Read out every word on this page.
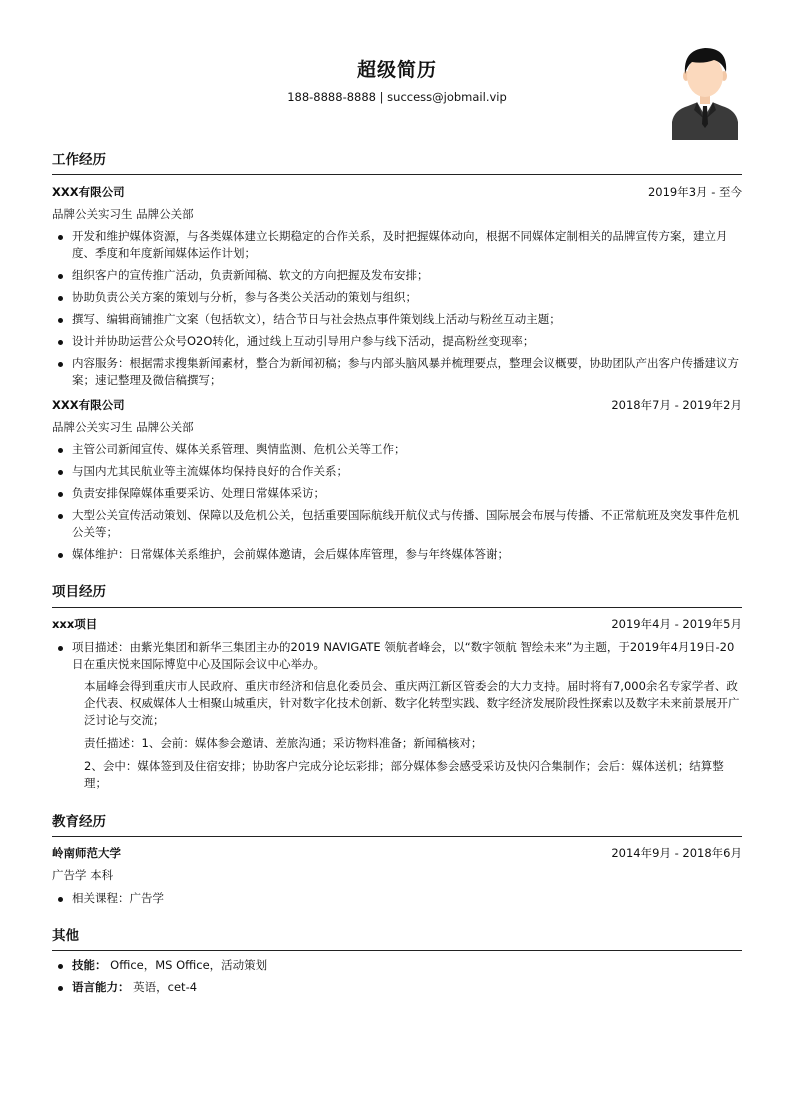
超级简历
188-8888-8888 | success@jobmail.vip
工作经历
XXX有限公司	2019年3月 - 至今
品牌公关实习生 品牌公关部
开发和维护媒体资源，与各类媒体建立长期稳定的合作关系，及时把握媒体动向，根据不同媒体定制相关的品牌宣传方案，建立月度、季度和年度新闻媒体运作计划；
组织客户的宣传推广活动，负责新闻稿、软文的方向把握及发布安排；
协助负责公关方案的策划与分析，参与各类公关活动的策划与组织；
撰写、编辑商铺推广文案（包括软文），结合节日与社会热点事件策划线上活动与粉丝互动主题；
设计并协助运营公众号O2O转化，通过线上互动引导用户参与线下活动，提高粉丝变现率；
内容服务：根据需求搜集新闻素材，整合为新闻初稿；参与内部头脑风暴并梳理要点，整理会议概要，协助团队产出客户传播建议方案；速记整理及微信稿撰写；
XXX有限公司	2018年7月 - 2019年2月
品牌公关实习生 品牌公关部
主管公司新闻宣传、媒体关系管理、舆情监测、危机公关等工作；
与国内尤其民航业等主流媒体均保持良好的合作关系；
负责安排保障媒体重要采访、处理日常媒体采访；
大型公关宣传活动策划、保障以及危机公关，包括重要国际航线开航仪式与传播、国际展会布展与传播、不正常航班及突发事件危机公关等；
媒体维护：日常媒体关系维护，会前媒体邀请，会后媒体库管理，参与年终媒体答谢；
项目经历
xxx项目	2019年4月 - 2019年5月
项目描述：由紫光集团和新华三集团主办的2019 NAVIGATE 领航者峰会，以“数字领航 智绘未来”为主题，于2019年4月19日-20日在重庆悦来国际博览中心及国际会议中心举办。
本届峰会得到重庆市人民政府、重庆市经济和信息化委员会、重庆两江新区管委会的大力支持。届时将有7,000余名专家学者、政企代表、权威媒体人士相聚山城重庆，针对数字化技术创新、数字化转型实践、数字经济发展阶段性探索以及数字未来前景展开广泛讨论与交流；
责任描述：1、会前：媒体参会邀请、差旅沟通；采访物料准备；新闻稿核对；
2、会中：媒体签到及住宿安排；协助客户完成分论坛彩排；部分媒体参会感受采访及快闪合集制作；会后：媒体送机；结算整理；
教育经历
岭南师范大学	2014年9月 - 2018年6月
广告学 本科
相关课程：广告学
其他
技能： Office，MS Office，活动策划
语言能力： 英语，cet-4
